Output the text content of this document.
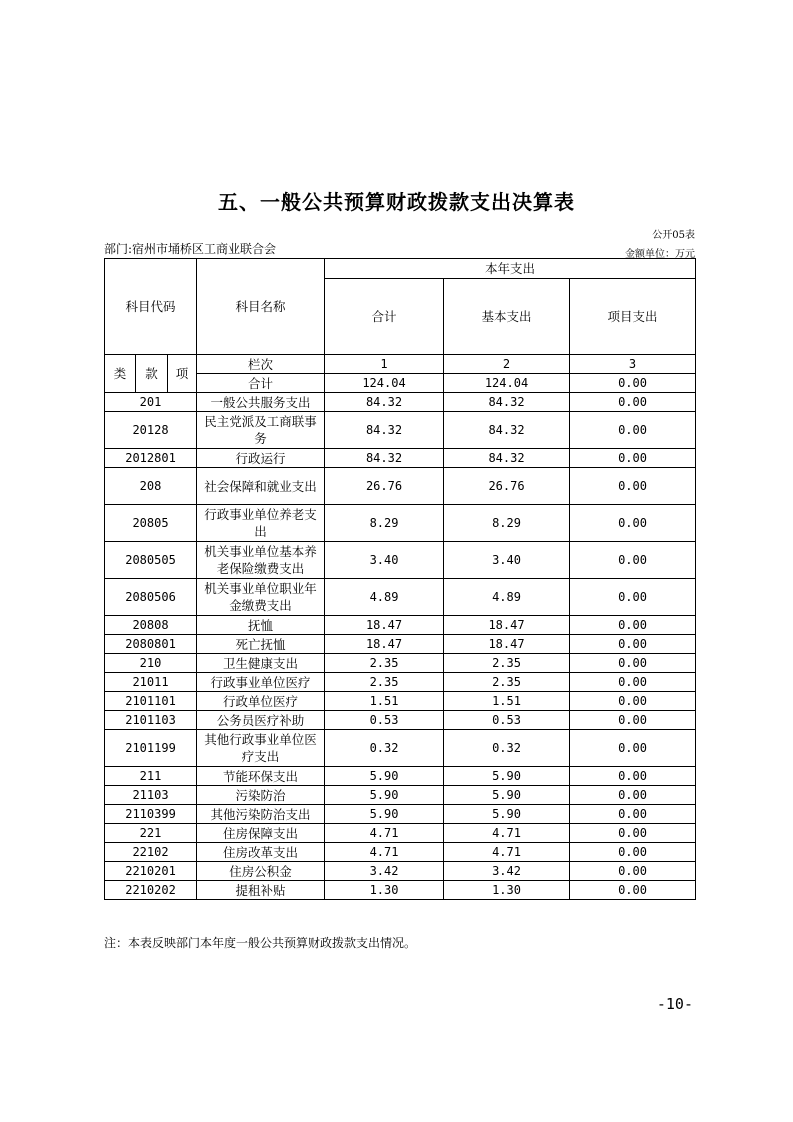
五、一般公共预算财政拨款支出决算表
公开05表
部门:宿州市埇桥区工商业联合会	金额单位：万元
科目代码			科目名称	本年支出		
				合计	基本支出	项目支出
类	款	项	栏次	1	2	3
			合计	124.04	124.04	0.00
201			一般公共服务支出	84.32	84.32	0.00
20128			民主党派及工商联事务	84.32	84.32	0.00
2012801			行政运行	84.32	84.32	0.00
208			社会保障和就业支出	26.76	26.76	0.00
20805			行政事业单位养老支出	8.29	8.29	0.00
2080505			机关事业单位基本养老保险缴费支出	3.40	3.40	0.00
2080506			机关事业单位职业年金缴费支出	4.89	4.89	0.00
20808			抚恤	18.47	18.47	0.00
2080801			死亡抚恤	18.47	18.47	0.00
210			卫生健康支出	2.35	2.35	0.00
21011			行政事业单位医疗	2.35	2.35	0.00
2101101			行政单位医疗	1.51	1.51	0.00
2101103			公务员医疗补助	0.53	0.53	0.00
2101199			其他行政事业单位医疗支出	0.32	0.32	0.00
211			节能环保支出	5.90	5.90	0.00
21103			污染防治	5.90	5.90	0.00
2110399			其他污染防治支出	5.90	5.90	0.00
221			住房保障支出	4.71	4.71	0.00
22102			住房改革支出	4.71	4.71	0.00
2210201			住房公积金	3.42	3.42	0.00
2210202			提租补贴	1.30	1.30	0.00
注：本表反映部门本年度一般公共预算财政拨款支出情况。
-10-
